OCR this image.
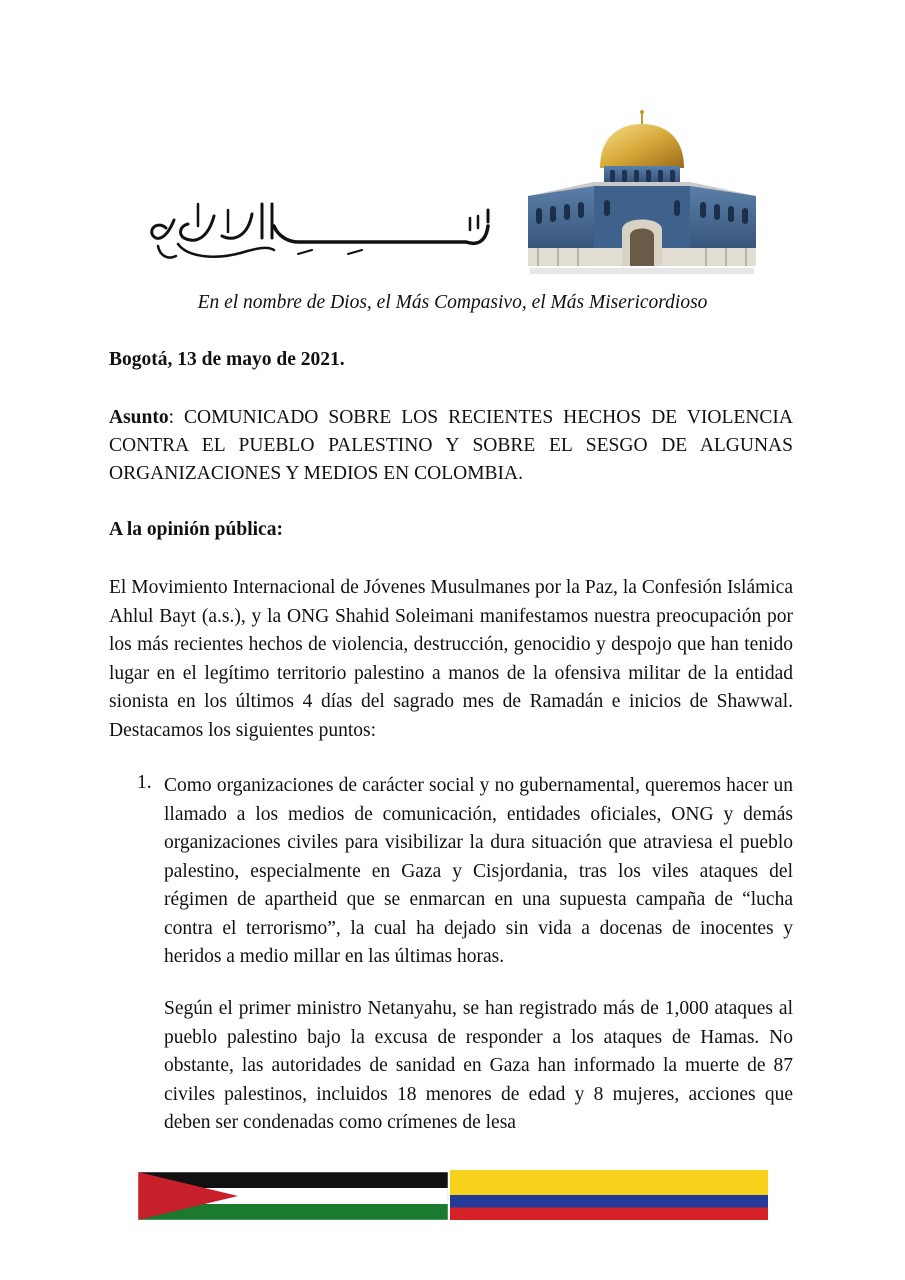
En el nombre de Dios, el Más Compasivo, el Más Misericordioso
Bogotá, 13 de mayo de 2021.
Asunto: COMUNICADO SOBRE LOS RECIENTES HECHOS DE VIOLENCIA CONTRA EL PUEBLO PALESTINO Y SOBRE EL SESGO DE ALGUNAS ORGANIZACIONES Y MEDIOS EN COLOMBIA.
A la opinión pública:
El Movimiento Internacional de Jóvenes Musulmanes por la Paz, la Confesión Islámica Ahlul Bayt (a.s.), y la ONG Shahid Soleimani manifestamos nuestra preocupación por los más recientes hechos de violencia, destrucción, genocidio y despojo que han tenido lugar en el legítimo territorio palestino a manos de la ofensiva militar de la entidad sionista en los últimos 4 días del sagrado mes de Ramadán e inicios de Shawwal. Destacamos los siguientes puntos:
1. Como organizaciones de carácter social y no gubernamental, queremos hacer un llamado a los medios de comunicación, entidades oficiales, ONG y demás organizaciones civiles para visibilizar la dura situación que atraviesa el pueblo palestino, especialmente en Gaza y Cisjordania, tras los viles ataques del régimen de apartheid que se enmarcan en una supuesta campaña de “lucha contra el terrorismo”, la cual ha dejado sin vida a docenas de inocentes y heridos a medio millar en las últimas horas.
Según el primer ministro Netanyahu, se han registrado más de 1,000 ataques al pueblo palestino bajo la excusa de responder a los ataques de Hamas. No obstante, las autoridades de sanidad en Gaza han informado la muerte de 87 civiles palestinos, incluidos 18 menores de edad y 8 mujeres, acciones que deben ser condenadas como crímenes de lesa
